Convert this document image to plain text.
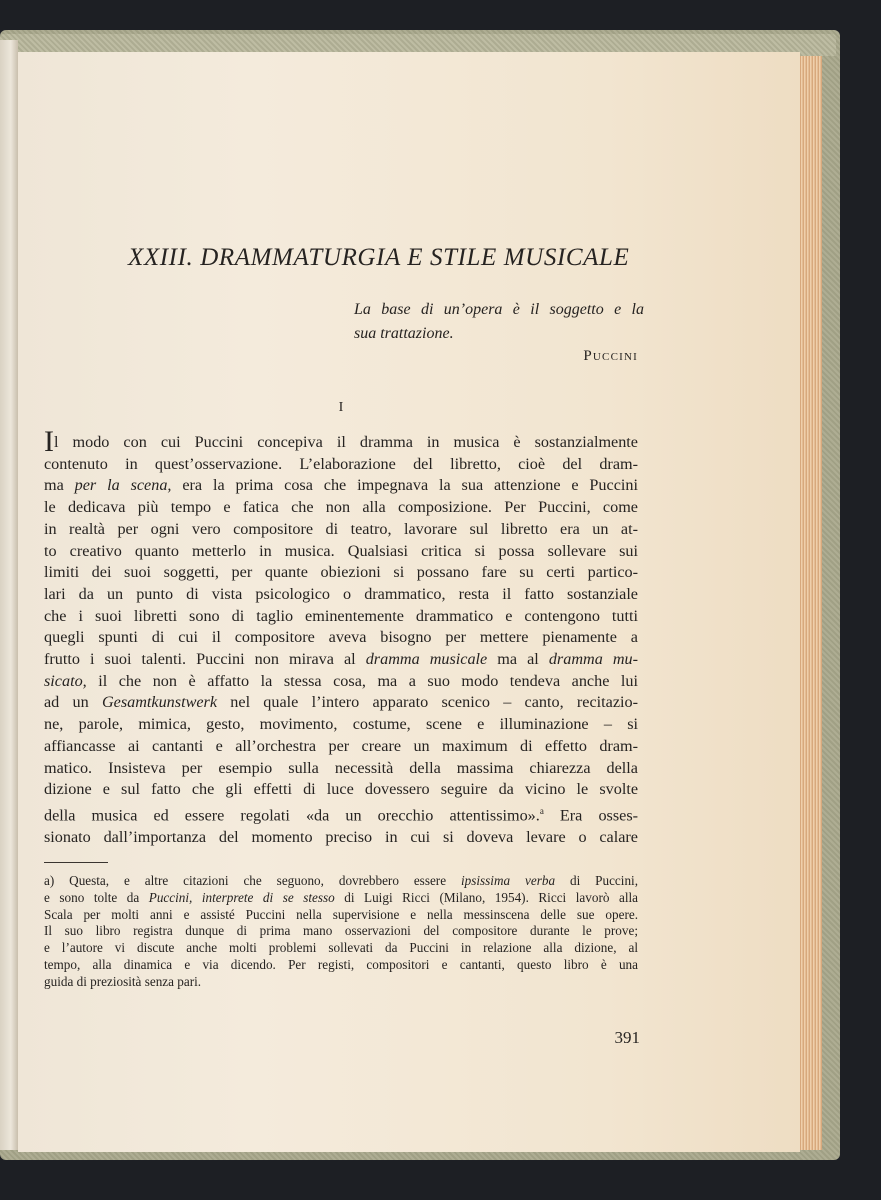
XXIII. DRAMMATURGIA E STILE MUSICALE
La base di un’opera è il soggetto e la
sua trattazione.
Puccini
I
Il modo con cui Puccini concepiva il dramma in musica è sostanzialmente
contenuto in quest’osservazione. L’elaborazione del libretto, cioè del dram-
ma per la scena, era la prima cosa che impegnava la sua attenzione e Puccini
le dedicava più tempo e fatica che non alla composizione. Per Puccini, come
in realtà per ogni vero compositore di teatro, lavorare sul libretto era un at-
to creativo quanto metterlo in musica. Qualsiasi critica si possa sollevare sui
limiti dei suoi soggetti, per quante obiezioni si possano fare su certi partico-
lari da un punto di vista psicologico o drammatico, resta il fatto sostanziale
che i suoi libretti sono di taglio eminentemente drammatico e contengono tutti
quegli spunti di cui il compositore aveva bisogno per mettere pienamente a
frutto i suoi talenti. Puccini non mirava al dramma musicale ma al dramma mu-
sicato, il che non è affatto la stessa cosa, ma a suo modo tendeva anche lui
ad un Gesamtkunstwerk nel quale l’intero apparato scenico – canto, recitazio-
ne, parole, mimica, gesto, movimento, costume, scene e illuminazione – si
affiancasse ai cantanti e all’orchestra per creare un maximum di effetto dram-
matico. Insisteva per esempio sulla necessità della massima chiarezza della
dizione e sul fatto che gli effetti di luce dovessero seguire da vicino le svolte
della musica ed essere regolati «da un orecchio attentissimo».$^a$ Era osses-
sionato dall’importanza del momento preciso in cui si doveva levare o calare
a) Questa, e altre citazioni che seguono, dovrebbero essere ipsissima verba di Puccini,
e sono tolte da Puccini, interprete di se stesso di Luigi Ricci (Milano, 1954). Ricci lavorò alla
Scala per molti anni e assisté Puccini nella supervisione e nella messinscena delle sue opere.
Il suo libro registra dunque di prima mano osservazioni del compositore durante le prove;
e l’autore vi discute anche molti problemi sollevati da Puccini in relazione alla dizione, al
tempo, alla dinamica e via dicendo. Per registi, compositori e cantanti, questo libro è una
guida di preziosità senza pari.
391
